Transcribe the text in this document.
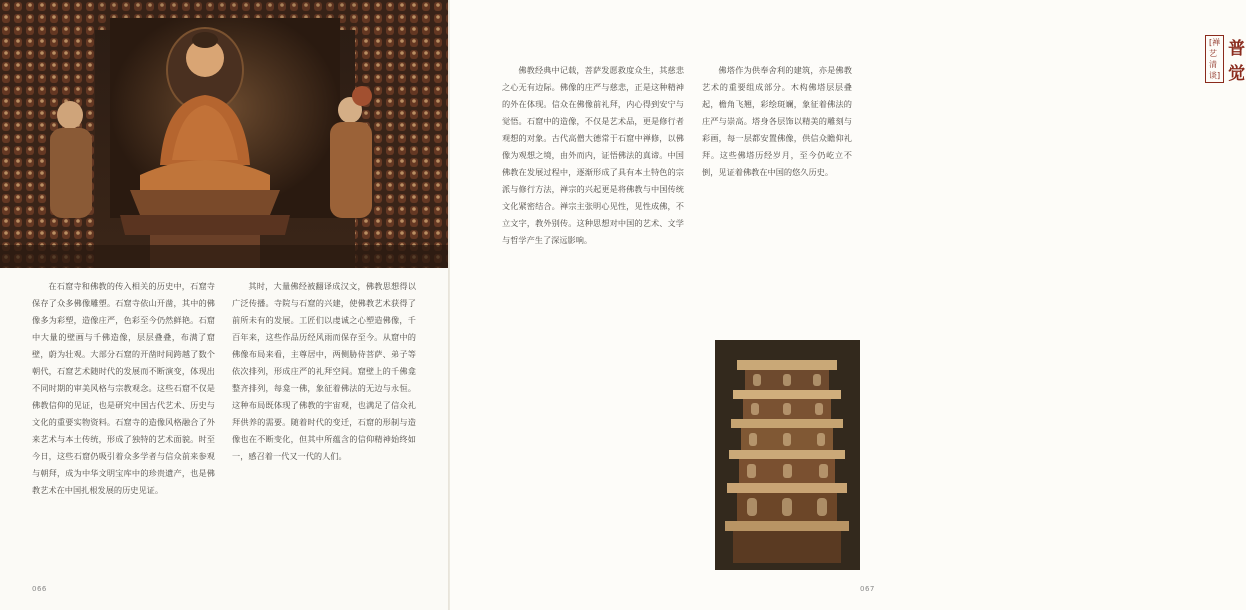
在石窟寺和佛教的传入相关的历史中，石窟寺保存了众多佛像雕塑。石窟寺依山开凿，其中的佛像多为彩塑，造像庄严，色彩至今仍然鲜艳。石窟中大量的壁画与千佛造像，层层叠叠，布满了窟壁，蔚为壮观。大部分石窟的开凿时间跨越了数个朝代，石窟艺术随时代的发展而不断演变，体现出不同时期的审美风格与宗教观念。这些石窟不仅是佛教信仰的见证，也是研究中国古代艺术、历史与文化的重要实物资料。石窟寺的造像风格融合了外来艺术与本土传统，形成了独特的艺术面貌。时至今日，这些石窟仍吸引着众多学者与信众前来参观与朝拜，成为中华文明宝库中的珍贵遗产，也是佛教艺术在中国扎根发展的历史见证。

其时，大量佛经被翻译成汉文，佛教思想得以广泛传播。寺院与石窟的兴建，使佛教艺术获得了前所未有的发展。工匠们以虔诚之心塑造佛像，千百年来，这些作品历经风雨而保存至今。从窟中的佛像布局来看，主尊居中，两侧胁侍菩萨、弟子等依次排列，形成庄严的礼拜空间。窟壁上的千佛龛整齐排列，每龛一佛，象征着佛法的无边与永恒。这种布局既体现了佛教的宇宙观，也满足了信众礼拜供养的需要。随着时代的变迁，石窟的形制与造像也在不断变化，但其中所蕴含的信仰精神始终如一，感召着一代又一代的人们。

066

佛教经典中记载，菩萨发愿救度众生，其慈悲之心无有边际。佛像的庄严与慈悲，正是这种精神的外在体现。信众在佛像前礼拜，内心得到安宁与觉悟。石窟中的造像，不仅是艺术品，更是修行者观想的对象。古代高僧大德常于石窟中禅修，以佛像为观想之境，由外而内，证悟佛法的真谛。中国佛教在发展过程中，逐渐形成了具有本土特色的宗派与修行方法，禅宗的兴起更是将佛教与中国传统文化紧密结合。禅宗主张明心见性，见性成佛，不立文字，教外别传。这种思想对中国的艺术、文学与哲学产生了深远影响。

佛塔作为供奉舍利的建筑，亦是佛教艺术的重要组成部分。木构佛塔层层叠起，檐角飞翘，彩绘斑斓，象征着佛法的庄严与崇高。塔身各层饰以精美的雕刻与彩画，每一层都安置佛像，供信众瞻仰礼拜。这些佛塔历经岁月，至今仍屹立不倒，见证着佛教在中国的悠久历史。

[禅艺清谈]
普觉
067
